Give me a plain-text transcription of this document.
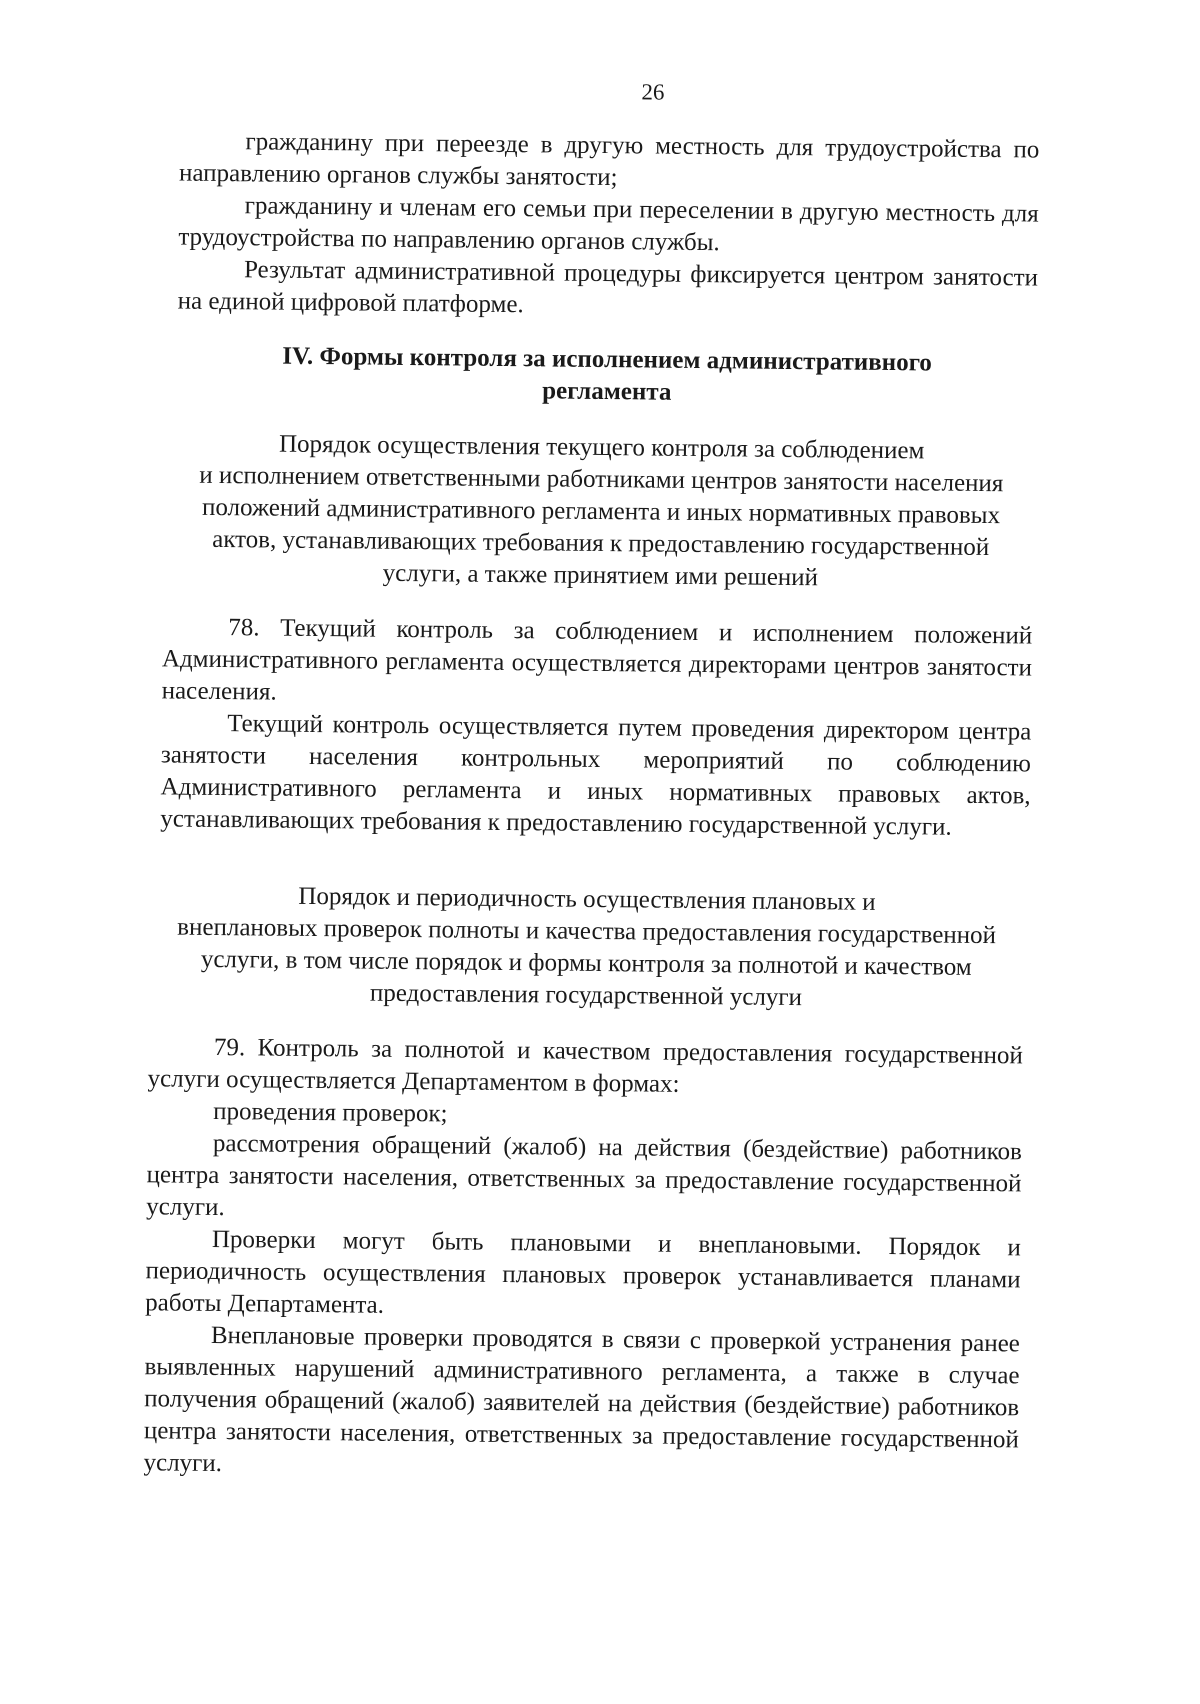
26

гражданину при переезде в другую местность для трудоустройства по направлению органов службы занятости;

гражданину и членам его семьи при переселении в другую местность для трудоустройства по направлению органов службы.

Результат административной процедуры фиксируется центром занятости на единой цифровой платформе.

IV. Формы контроля за исполнением административного
регламента
Порядок осуществления текущего контроля за соблюдением
и исполнением ответственными работниками центров занятости населения
положений административного регламента и иных нормативных правовых
актов, устанавливающих требования к предоставлению государственной
услуги, а также принятием ими решений

78. Текущий контроль за соблюдением и исполнением положений Административного регламента осуществляется директорами центров занятости населения.

Текущий контроль осуществляется путем проведения директором центра занятости населения контрольных мероприятий по соблюдению Административного регламента и иных нормативных правовых актов, устанавливающих требования к предоставлению государственной услуги.

Порядок и периодичность осуществления плановых и
внеплановых проверок полноты и качества предоставления государственной
услуги, в том числе порядок и формы контроля за полнотой и качеством
предоставления государственной услуги

79. Контроль за полнотой и качеством предоставления государственной услуги осуществляется Департаментом в формах:

проведения проверок;

рассмотрения обращений (жалоб) на действия (бездействие) работников центра занятости населения, ответственных за предоставление государственной услуги.

Проверки могут быть плановыми и внеплановыми. Порядок и периодичность осуществления плановых проверок устанавливается планами работы Департамента.

Внеплановые проверки проводятся в связи с проверкой устранения ранее выявленных нарушений административного регламента, а также в случае получения обращений (жалоб) заявителей на действия (бездействие) работников центра занятости населения, ответственных за предоставление государственной услуги.
